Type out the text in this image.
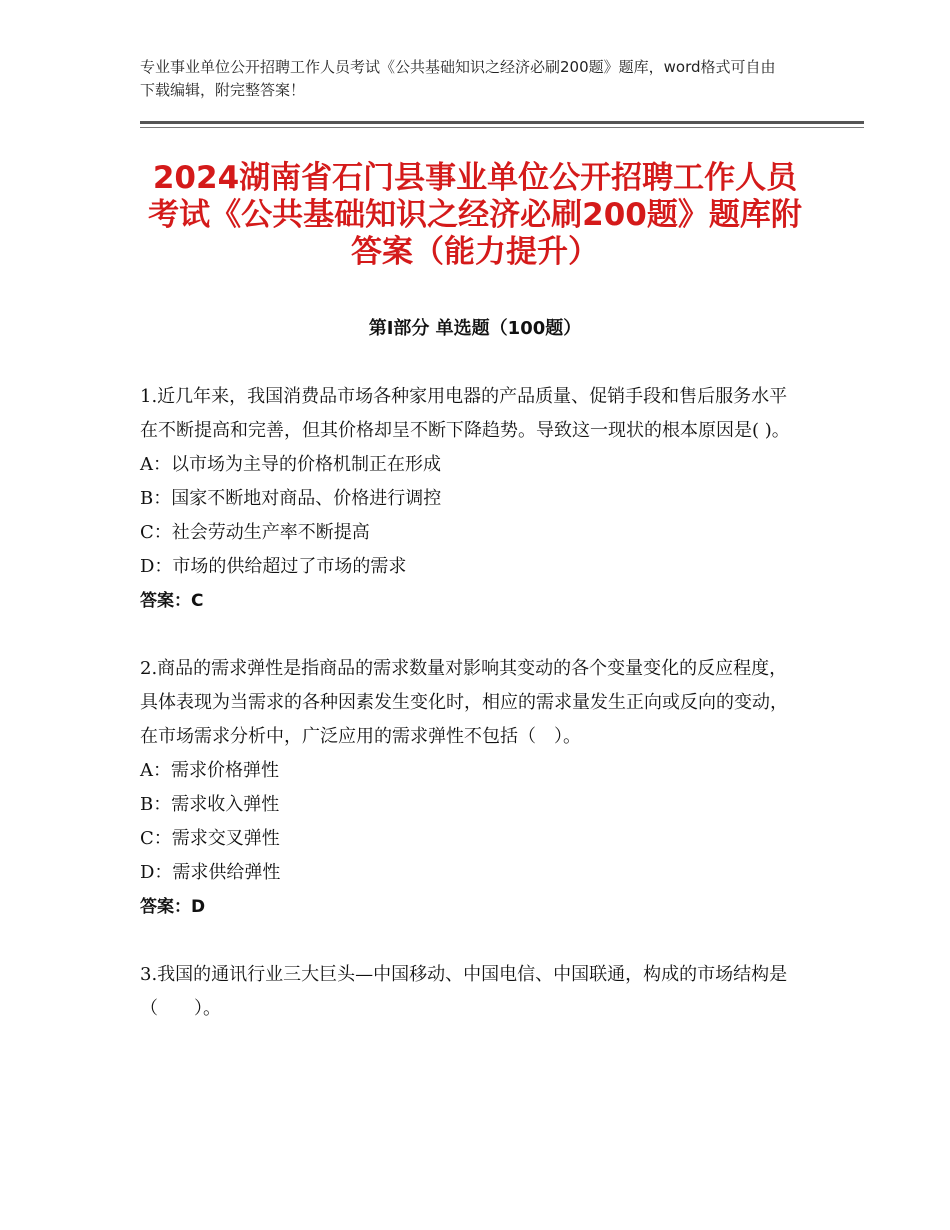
专业事业单位公开招聘工作人员考试《公共基础知识之经济必刷200题》题库，word格式可自由下载编辑，附完整答案！
2024湖南省石门县事业单位公开招聘工作人员考试《公共基础知识之经济必刷200题》题库附答案（能力提升）
第Ⅰ部分 单选题（100题）

1.近几年来，我国消费品市场各种家用电器的产品质量、促销手段和售后服务水平在不断提高和完善，但其价格却呈不断下降趋势。导致这一现状的根本原因是( )。

A：以市场为主导的价格机制正在形成
B：国家不断地对商品、价格进行调控
C：社会劳动生产率不断提高
D：市场的供给超过了市场的需求
答案：C

2.商品的需求弹性是指商品的需求数量对影响其变动的各个变量变化的反应程度，具体表现为当需求的各种因素发生变化时，相应的需求量发生正向或反向的变动，在市场需求分析中，广泛应用的需求弹性不包括（　）。

A：需求价格弹性
B：需求收入弹性
C：需求交叉弹性
D：需求供给弹性
答案：D

3.我国的通讯行业三大巨头—中国移动、中国电信、中国联通，构成的市场结构是（　　）。
